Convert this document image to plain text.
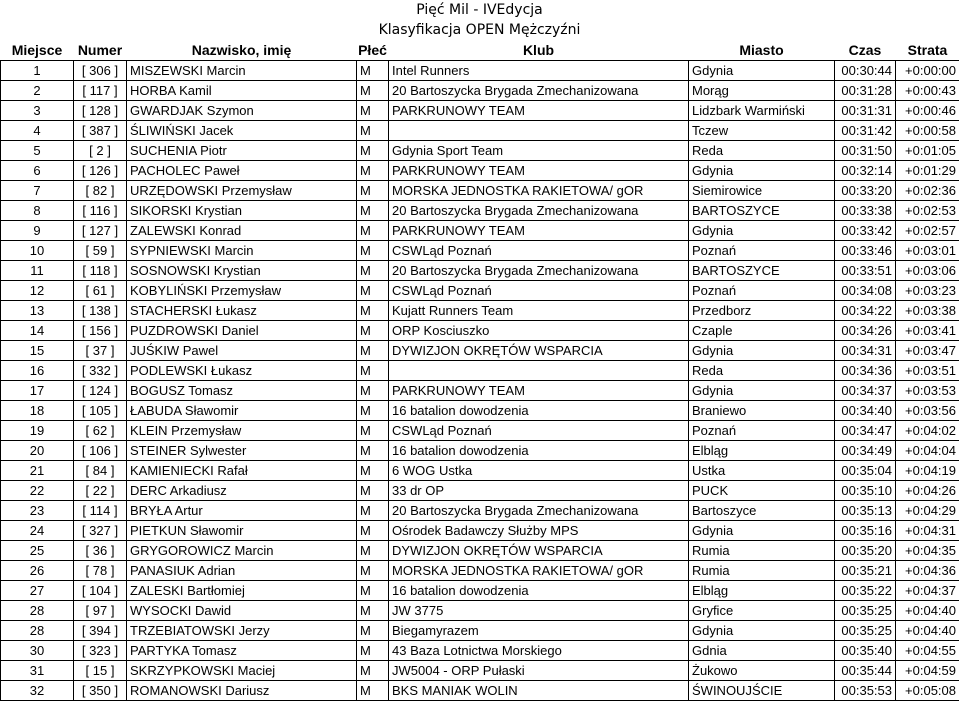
Pięć Mil - IVEdycja
Klasyfikacja OPEN Mężczyźni
Miejsce	Numer	Nazwisko, imię	Płeć	Klub	Miasto	Czas	Strata
1	[ 306 ]	MISZEWSKI Marcin	M	Intel Runners	Gdynia	00:30:44	+0:00:00
2	[ 117 ]	HORBA Kamil	M	20 Bartoszycka Brygada Zmechanizowana	Morąg	00:31:28	+0:00:43
3	[ 128 ]	GWARDJAK Szymon	M	PARKRUNOWY TEAM	Lidzbark Warmiński	00:31:31	+0:00:46
4	[ 387 ]	ŚLIWIŃSKI Jacek	M		Tczew	00:31:42	+0:00:58
5	[ 2 ]	SUCHENIA Piotr	M	Gdynia Sport Team	Reda	00:31:50	+0:01:05
6	[ 126 ]	PACHOLEC Paweł	M	PARKRUNOWY TEAM	Gdynia	00:32:14	+0:01:29
7	[ 82 ]	URZĘDOWSKI Przemysław	M	MORSKA JEDNOSTKA RAKIETOWA/ gOR	Siemirowice	00:33:20	+0:02:36
8	[ 116 ]	SIKORSKI Krystian	M	20 Bartoszycka Brygada Zmechanizowana	BARTOSZYCE	00:33:38	+0:02:53
9	[ 127 ]	ZALEWSKI Konrad	M	PARKRUNOWY TEAM	Gdynia	00:33:42	+0:02:57
10	[ 59 ]	SYPNIEWSKI Marcin	M	CSWLąd Poznań	Poznań	00:33:46	+0:03:01
11	[ 118 ]	SOSNOWSKI Krystian	M	20 Bartoszycka Brygada Zmechanizowana	BARTOSZYCE	00:33:51	+0:03:06
12	[ 61 ]	KOBYLIŃSKI Przemysław	M	CSWLąd Poznań	Poznań	00:34:08	+0:03:23
13	[ 138 ]	STACHERSKI Łukasz	M	Kujatt Runners Team	Przedborz	00:34:22	+0:03:38
14	[ 156 ]	PUZDROWSKI Daniel	M	ORP Kosciuszko	Czaple	00:34:26	+0:03:41
15	[ 37 ]	JUŚKIW Pawel	M	DYWIZJON OKRĘTÓW WSPARCIA	Gdynia	00:34:31	+0:03:47
16	[ 332 ]	PODLEWSKI Łukasz	M		Reda	00:34:36	+0:03:51
17	[ 124 ]	BOGUSZ Tomasz	M	PARKRUNOWY TEAM	Gdynia	00:34:37	+0:03:53
18	[ 105 ]	ŁABUDA Sławomir	M	16 batalion dowodzenia	Braniewo	00:34:40	+0:03:56
19	[ 62 ]	KLEIN Przemysław	M	CSWLąd Poznań	Poznań	00:34:47	+0:04:02
20	[ 106 ]	STEINER Sylwester	M	16 batalion dowodzenia	Elbląg	00:34:49	+0:04:04
21	[ 84 ]	KAMIENIECKI Rafał	M	6 WOG Ustka	Ustka	00:35:04	+0:04:19
22	[ 22 ]	DERC Arkadiusz	M	33 dr OP	PUCK	00:35:10	+0:04:26
23	[ 114 ]	BRYŁA Artur	M	20 Bartoszycka Brygada Zmechanizowana	Bartoszyce	00:35:13	+0:04:29
24	[ 327 ]	PIETKUN Sławomir	M	Ośrodek Badawczy Służby MPS	Gdynia	00:35:16	+0:04:31
25	[ 36 ]	GRYGOROWICZ Marcin	M	DYWIZJON OKRĘTÓW WSPARCIA	Rumia	00:35:20	+0:04:35
26	[ 78 ]	PANASIUK Adrian	M	MORSKA JEDNOSTKA RAKIETOWA/ gOR	Rumia	00:35:21	+0:04:36
27	[ 104 ]	ZALESKI Bartłomiej	M	16 batalion dowodzenia	Elbląg	00:35:22	+0:04:37
28	[ 97 ]	WYSOCKI Dawid	M	JW 3775	Gryfice	00:35:25	+0:04:40
28	[ 394 ]	TRZEBIATOWSKI Jerzy	M	Biegamyrazem	Gdynia	00:35:25	+0:04:40
30	[ 323 ]	PARTYKA Tomasz	M	43 Baza Lotnictwa Morskiego	Gdnia	00:35:40	+0:04:55
31	[ 15 ]	SKRZYPKOWSKI Maciej	M	JW5004 - ORP Pułaski	Żukowo	00:35:44	+0:04:59
32	[ 350 ]	ROMANOWSKI Dariusz	M	BKS MANIAK WOLIN	ŚWINOUJŚCIE	00:35:53	+0:05:08
